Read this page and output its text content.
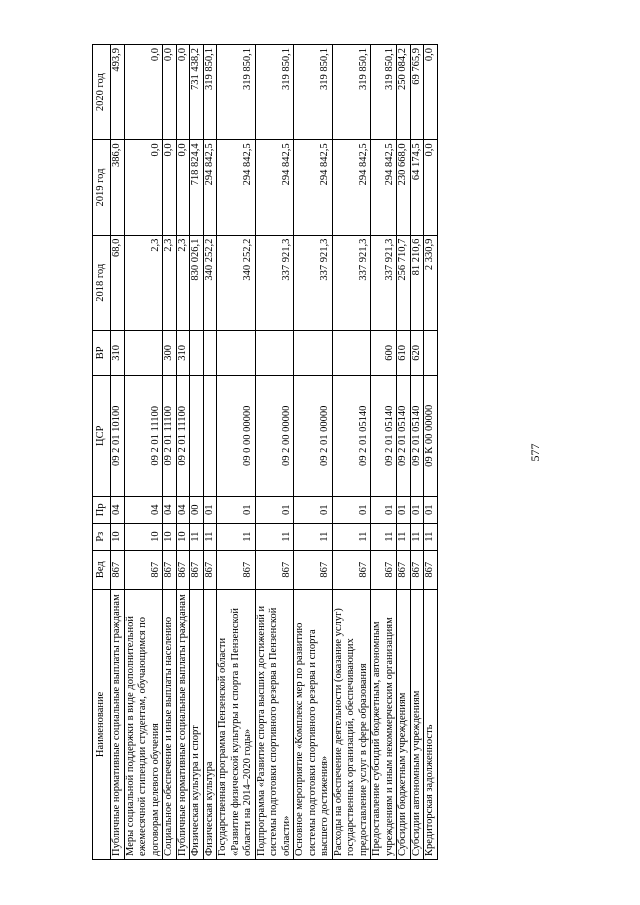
577
Наименование	Вед	Рз	Пр	ЦСР	ВР	2018 год	2019 год	2020 год
Публичные нормативные социальные выплаты гражданам	867	10	04	09 2 01 10100	310	68,0	386,0	493,9
Меры социальной поддержки в виде дополнительной ежемесячной стипендии студентам, обучающимся по договорам целевого обучения	867	10	04	09 2 01 11100		2,3	0,0	0,0
Социальное обеспечение и иные выплаты населению	867	10	04	09 2 01 11100	300	2,3	0,0	0,0
Публичные нормативные социальные выплаты гражданам	867	10	04	09 2 01 11100	310	2,3	0,0	0,0
Физическая культура и спорт	867	11	00			830 026,1	718 824,4	731 438,2
Физическая культура	867	11	01			340 252,2	294 842,5	319 850,1
Государственная программа Пензенской области «Развитие физической культуры и спорта в Пензенской области на 2014–2020 годы»	867	11	01	09 0 00 00000		340 252,2	294 842,5	319 850,1
Подпрограмма «Развитие спорта высших достижений и системы подготовки спортивного резерва в Пензенской области»	867	11	01	09 2 00 00000		337 921,3	294 842,5	319 850,1
Основное мероприятие «Комплекс мер по развитию системы подготовки спортивного резерва и спорта высшего достижения»	867	11	01	09 2 01 00000		337 921,3	294 842,5	319 850,1
Расходы на обеспечение деятельности (оказание услуг) государственных организаций, обеспечивающих предоставление услуг в сфере образования	867	11	01	09 2 01 05140		337 921,3	294 842,5	319 850,1
Предоставление субсидий бюджетным, автономным учреждениям и иным некоммерческим организациям	867	11	01	09 2 01 05140	600	337 921,3	294 842,5	319 850,1
Субсидии бюджетным учреждениям	867	11	01	09 2 01 05140	610	256 710,7	230 668,0	250 084,2
Субсидии автономным учреждениям	867	11	01	09 2 01 05140	620	81 210,6	64 174,5	69 765,9
Кредиторская задолженность	867	11	01	09 К 00 00000		2 330,9	0,0	0,0
